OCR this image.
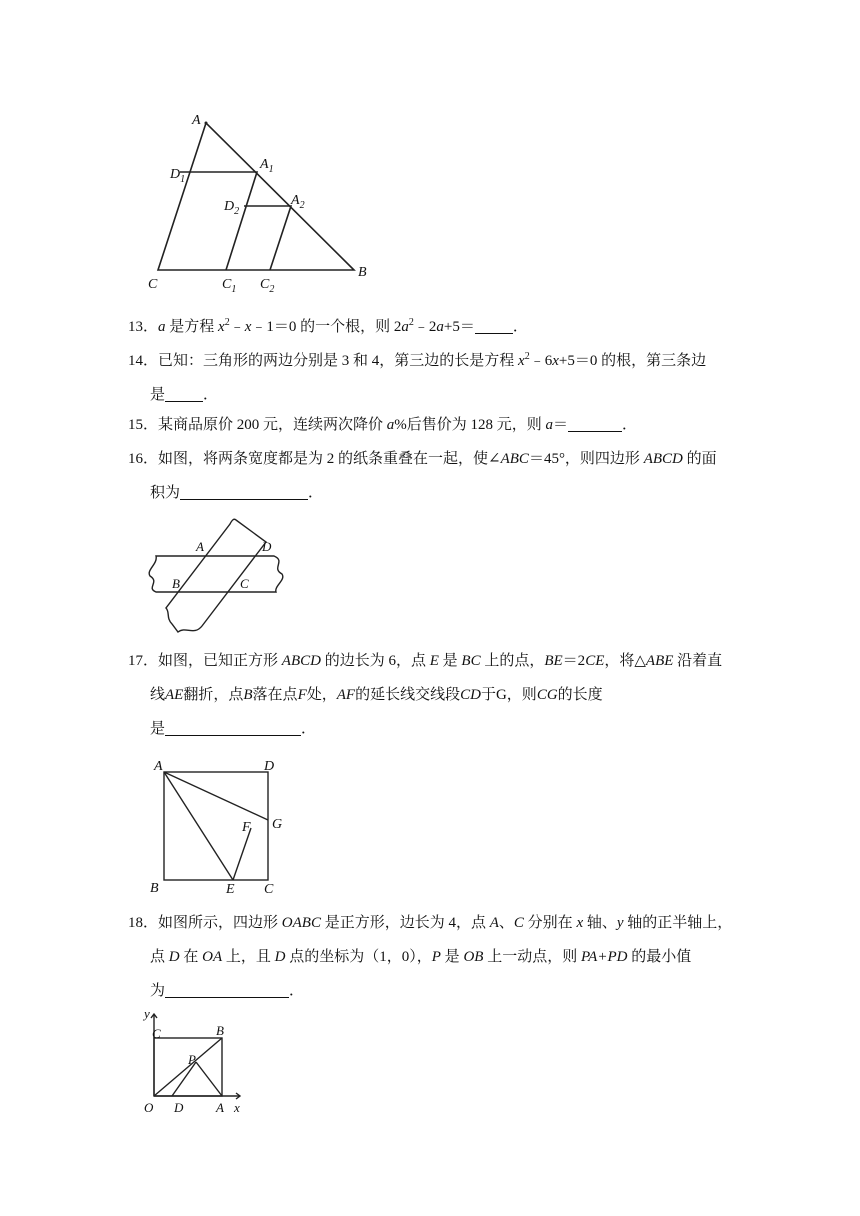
A
$A_1$
$A_2$
$D_1$
$D_2$
B
C	$C_1$ $C_2$
13．a 是方程 $x^2﹣x﹣1=0$ 的一个根，则 $2a^2﹣2a+5=$	．
14．已知：三角形的两边分别是 3 和 4，第三边的长是方程 $x^2﹣6x+5=0$ 的根，第三条边
是	．
15．某商品原价 200 元，连续两次降价 a%后售价为 128 元，则 a＝	．
16．如图，将两条宽度都是为 2 的纸条重叠在一起，使∠ABC＝45°，则四边形 ABCD 的面
积为	．
A	D
B	C
17．如图，已知正方形 ABCD 的边长为 6，点 E 是 BC 上的点，BE＝2CE，将△ABE 沿着直
线AE翻折，点B落在点F处，AF的延长线交线段CD于G，则CG的长度
是	．
A	D
G
F
B	E C
18．如图所示，四边形 OABC 是正方形，边长为 4，点 A、C 分别在 x 轴、y 轴的正半轴上，
点 D 在 OA 上，且 D 点的坐标为（1，0），P 是 OB 上一动点，则 PA+PD 的最小值
为	．
y
C	B
P
O D	A x
